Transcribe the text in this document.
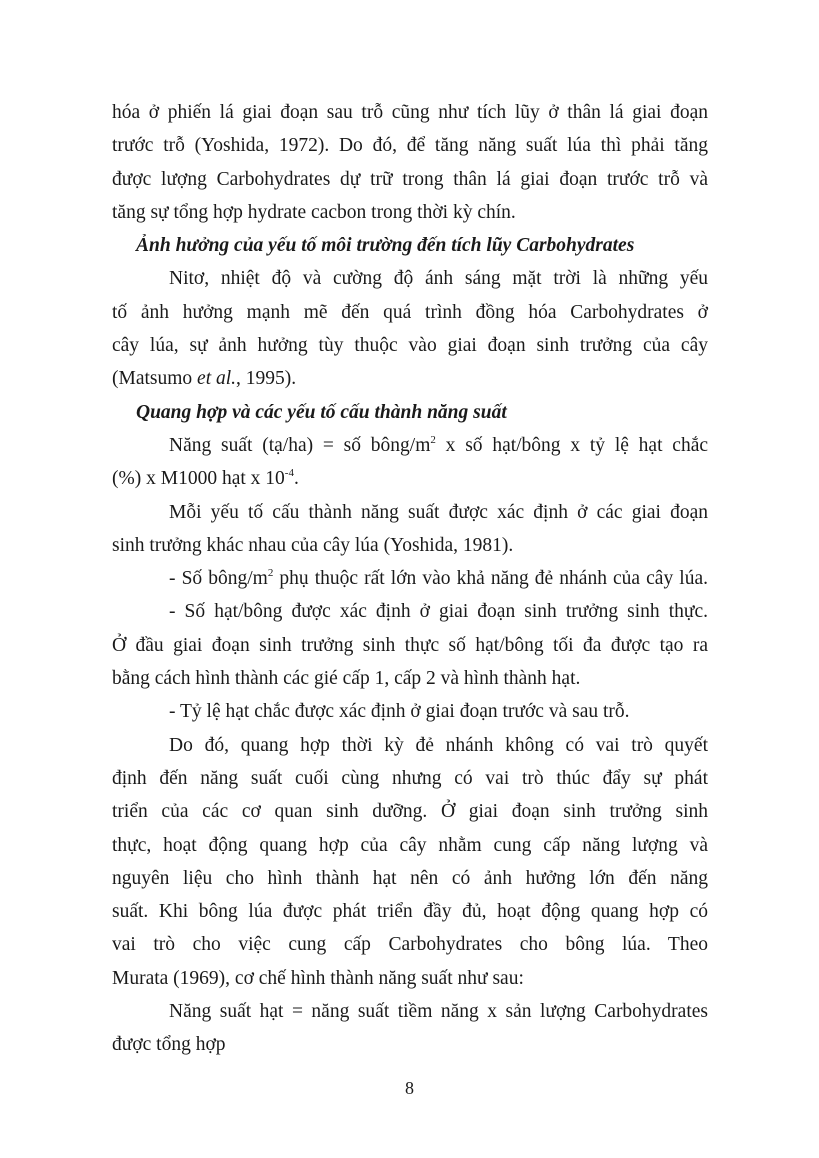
hóa ở phiến lá giai đoạn sau trỗ cũng như tích lũy ở thân lá giai đoạn
trước trỗ (Yoshida, 1972). Do đó, để tăng năng suất lúa thì phải tăng
được lượng Carbohydrates dự trữ trong thân lá giai đoạn trước trỗ và
tăng sự tổng hợp hydrate cacbon trong thời kỳ chín.
Ảnh hưởng của yếu tố môi trường đến tích lũy Carbohydrates
Nitơ, nhiệt độ và cường độ ánh sáng mặt trời là những yếu
tố ảnh hưởng mạnh mẽ đến quá trình đồng hóa Carbohydrates ở
cây lúa, sự ảnh hưởng tùy thuộc vào giai đoạn sinh trưởng của cây
(Matsumo et al., 1995).
Quang hợp và các yếu tố cấu thành năng suất
Năng suất (tạ/ha) = số bông/$m^2$ x số hạt/bông x tỷ lệ hạt chắc
(%) x M1000 hạt x $10^{-4}$.
Mỗi yếu tố cấu thành năng suất được xác định ở các giai đoạn
sinh trưởng khác nhau của cây lúa (Yoshida, 1981).
- Số bông/$m^2$ phụ thuộc rất lớn vào khả năng đẻ nhánh của cây lúa.
- Số hạt/bông được xác định ở giai đoạn sinh trưởng sinh thực.
Ở đầu giai đoạn sinh trưởng sinh thực số hạt/bông tối đa được tạo ra
bằng cách hình thành các gié cấp 1, cấp 2 và hình thành hạt.
- Tỷ lệ hạt chắc được xác định ở giai đoạn trước và sau trỗ.
Do đó, quang hợp thời kỳ đẻ nhánh không có vai trò quyết
định đến năng suất cuối cùng nhưng có vai trò thúc đẩy sự phát
triển của các cơ quan sinh dưỡng. Ở giai đoạn sinh trưởng sinh
thực, hoạt động quang hợp của cây nhằm cung cấp năng lượng và
nguyên liệu cho hình thành hạt nên có ảnh hưởng lớn đến năng
suất. Khi bông lúa được phát triển đầy đủ, hoạt động quang hợp có
vai trò cho việc cung cấp Carbohydrates cho bông lúa. Theo
Murata (1969), cơ chế hình thành năng suất như sau:
Năng suất hạt = năng suất tiềm năng x sản lượng Carbohydrates
được tổng hợp
8
